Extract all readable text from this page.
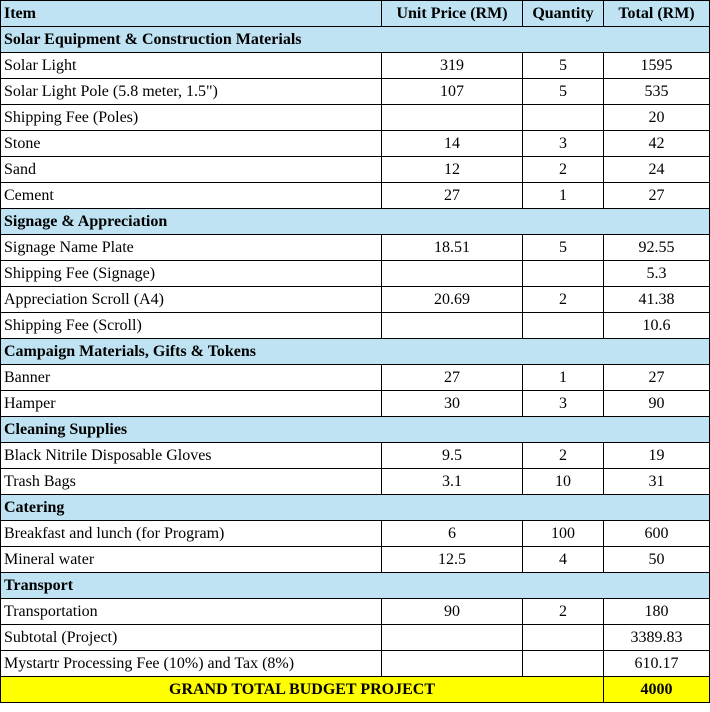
Item	Unit Price (RM)	Quantity	Total (RM)
Solar Equipment & Construction Materials			
Solar Light	319	5	1595
Solar Light Pole (5.8 meter, 1.5")	107	5	535
Shipping Fee (Poles)			20
Stone	14	3	42
Sand	12	2	24
Cement	27	1	27
Signage & Appreciation			
Signage Name Plate	18.51	5	92.55
Shipping Fee (Signage)			5.3
Appreciation Scroll (A4)	20.69	2	41.38
Shipping Fee (Scroll)			10.6
Campaign Materials, Gifts & Tokens			
Banner	27	1	27
Hamper	30	3	90
Cleaning Supplies			
Black Nitrile Disposable Gloves	9.5	2	19
Trash Bags	3.1	10	31
Catering			
Breakfast and lunch (for Program)	6	100	600
Mineral water	12.5	4	50
Transport			
Transportation	90	2	180
Subtotal (Project)			3389.83
Mystartr Processing Fee (10%) and Tax (8%)			610.17
GRAND TOTAL BUDGET PROJECT			4000
